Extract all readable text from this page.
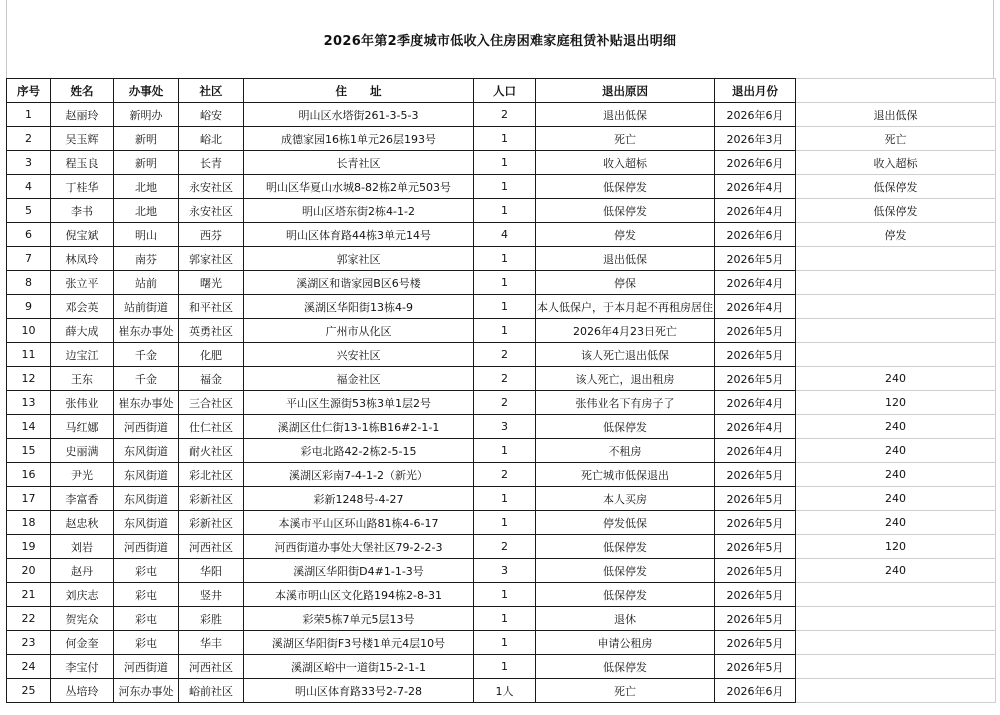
2026年第2季度城市低收入住房困难家庭租赁补贴退出明细
序号	姓名	办事处	社区	住　　址	人口	退出原因	退出月份	
1	赵丽玲	新明办	峪安	明山区水塔街261-3-5-3	2	退出低保	2026年6月	退出低保
2	吴玉辉	新明	峪北	成德家园16栋1单元26层193号	1	死亡	2026年3月	死亡
3	程玉良	新明	长青	长青社区	1	收入超标	2026年6月	收入超标
4	丁桂华	北地	永安社区	明山区华夏山水城8-82栋2单元503号	1	低保停发	2026年4月	低保停发
5	李书	北地	永安社区	明山区塔东街2栋4-1-2	1	低保停发	2026年4月	低保停发
6	倪宝斌	明山	西芬	明山区体育路44栋3单元14号	4	停发	2026年6月	停发
7	林凤玲	南芬	郭家社区	郭家社区	1	退出低保	2026年5月	
8	张立平	站前	曙光	溪湖区和谐家园B区6号楼	1	停保	2026年4月	
9	邓会英	站前街道	和平社区	溪湖区华阳街13栋4-9	1	本人低保户，于本月起不再租房居住	2026年4月	
10	薛大成	崔东办事处	英勇社区	广州市从化区	1	2026年4月23日死亡	2026年5月	
11	边宝江	千金	化肥	兴安社区	2	该人死亡退出低保	2026年5月	
12	王东	千金	福金	福金社区	2	该人死亡，退出租房	2026年5月	240
13	张伟业	崔东办事处	三合社区	平山区生源街53栋3单1层2号	2	张伟业名下有房子了	2026年4月	120
14	马红娜	河西街道	仕仁社区	溪湖区仕仁街13-1栋B16#2-1-1	3	低保停发	2026年4月	240
15	史丽满	东风街道	耐火社区	彩屯北路42-2栋2-5-15	1	不租房	2026年4月	240
16	尹光	东风街道	彩北社区	溪湖区彩南7-4-1-2（新光）	2	死亡城市低保退出	2026年5月	240
17	李富香	东风街道	彩新社区	彩新1248号-4-27	1	本人买房	2026年5月	240
18	赵忠秋	东风街道	彩新社区	本溪市平山区环山路81栋4-6-17	1	停发低保	2026年5月	240
19	刘岩	河西街道	河西社区	河西街道办事处大堡社区79-2-2-3	2	低保停发	2026年5月	120
20	赵丹	彩屯	华阳	溪湖区华阳街D4#1-1-3号	3	低保停发	2026年5月	240
21	刘庆志	彩屯	竖井	本溪市明山区文化路194栋2-8-31	1	低保停发	2026年5月	
22	贺宪众	彩屯	彩胜	彩荣5栋7单元5层13号	1	退休	2026年5月	
23	何金奎	彩屯	华丰	溪湖区华阳街F3号楼1单元4层10号	1	申请公租房	2026年5月	
24	李宝付	河西街道	河西社区	溪湖区峪中一道街15-2-1-1	1	低保停发	2026年5月	
25	丛培玲	河东办事处	峪前社区	明山区体育路33号2-7-28	1人	死亡	2026年6月	
